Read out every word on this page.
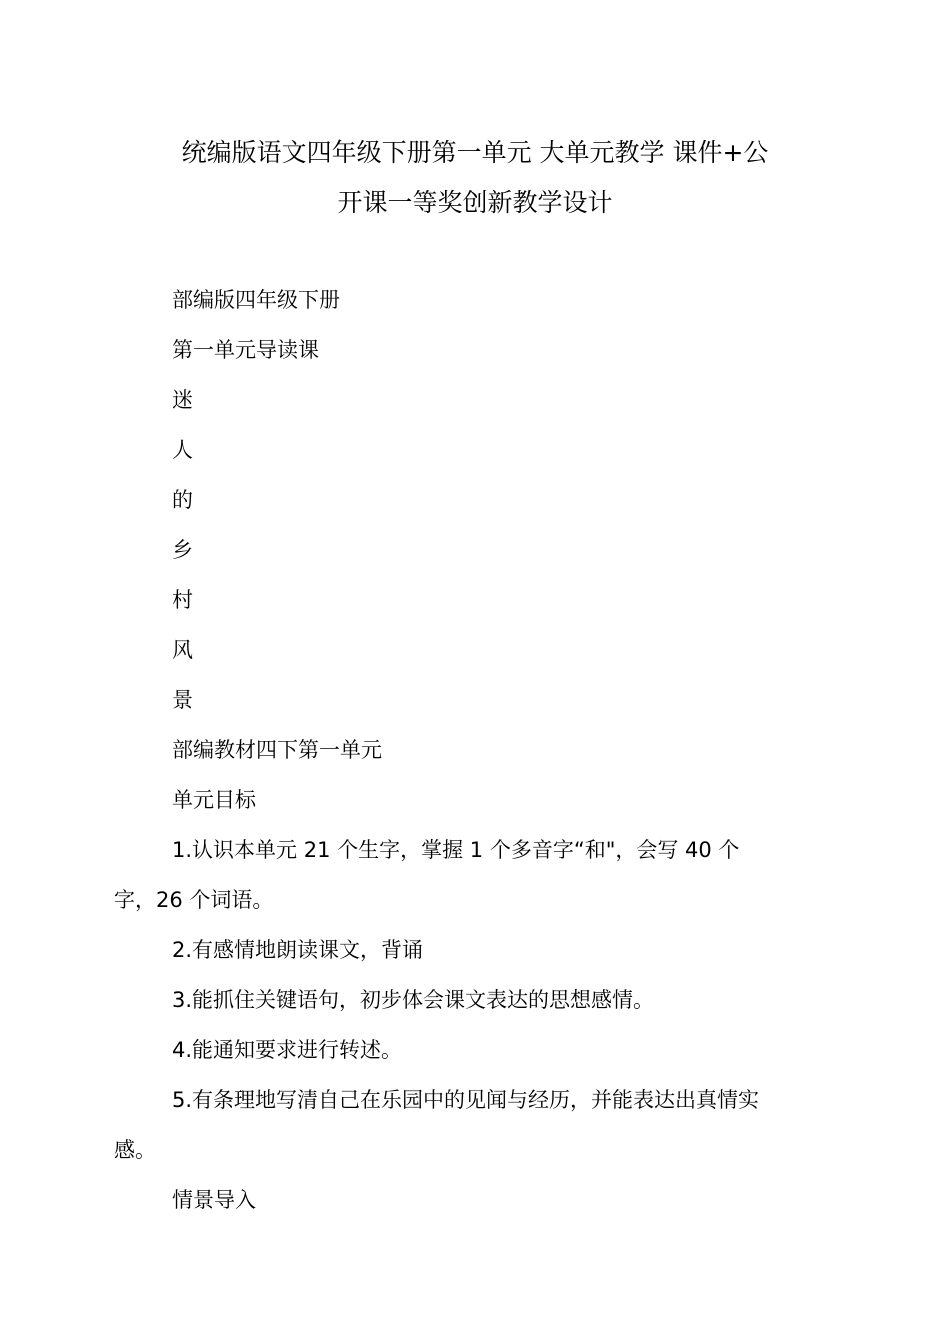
统编版语文四年级下册第一单元 大单元教学 课件+公
开课一等奖创新教学设计
部编版四年级下册
第一单元导读课
迷
人
的
乡
村
风
景
部编教材四下第一单元
单元目标
1.认识本单元 21 个生字，掌握 1 个多音字“和"，会写 40 个
字，26 个词语。
2.有感情地朗读课文，背诵
3.能抓住关键语句，初步体会课文表达的思想感情。
4.能通知要求进行转述。
5.有条理地写清自己在乐园中的见闻与经历，并能表达出真情实
感。
情景导入
